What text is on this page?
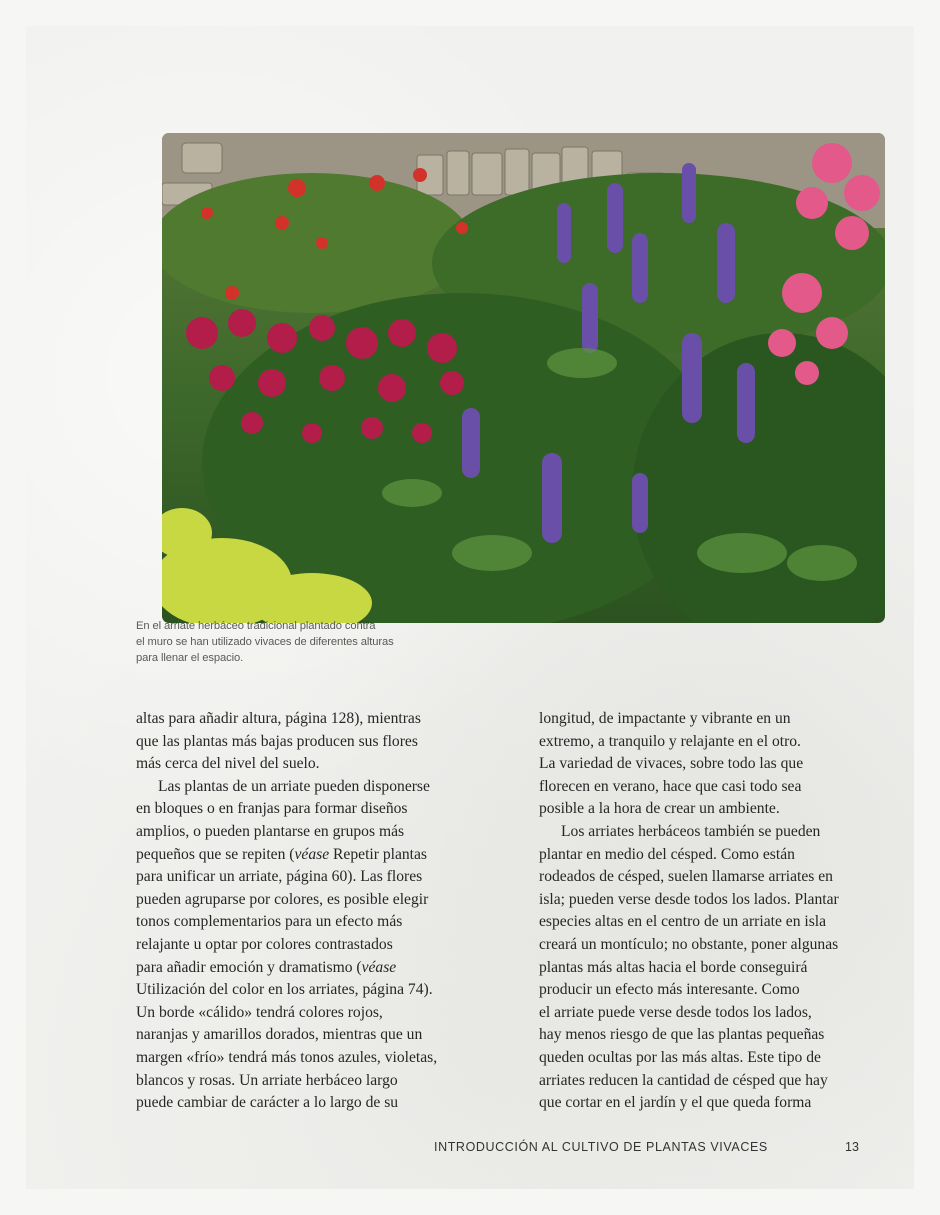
En el arriate herbáceo tradicional plantado contra
el muro se han utilizado vivaces de diferentes alturas
para llenar el espacio.
altas para añadir altura, página 128), mientras
que las plantas más bajas producen sus flores
más cerca del nivel del suelo.
Las plantas de un arriate pueden disponerse
en bloques o en franjas para formar diseños
amplios, o pueden plantarse en grupos más
pequeños que se repiten (véase Repetir plantas
para unificar un arriate, página 60). Las flores
pueden agruparse por colores, es posible elegir
tonos complementarios para un efecto más
relajante u optar por colores contrastados
para añadir emoción y dramatismo (véase
Utilización del color en los arriates, página 74).
Un borde «cálido» tendrá colores rojos,
naranjas y amarillos dorados, mientras que un
margen «frío» tendrá más tonos azules, violetas,
blancos y rosas. Un arriate herbáceo largo
puede cambiar de carácter a lo largo de su
longitud, de impactante y vibrante en un
extremo, a tranquilo y relajante en el otro.
La variedad de vivaces, sobre todo las que
florecen en verano, hace que casi todo sea
posible a la hora de crear un ambiente.
Los arriates herbáceos también se pueden
plantar en medio del césped. Como están
rodeados de césped, suelen llamarse arriates en
isla; pueden verse desde todos los lados. Plantar
especies altas en el centro de un arriate en isla
creará un montículo; no obstante, poner algunas
plantas más altas hacia el borde conseguirá
producir un efecto más interesante. Como
el arriate puede verse desde todos los lados,
hay menos riesgo de que las plantas pequeñas
queden ocultas por las más altas. Este tipo de
arriates reducen la cantidad de césped que hay
que cortar en el jardín y el que queda forma
INTRODUCCIÓN AL CULTIVO DE PLANTAS VIVACES	13
